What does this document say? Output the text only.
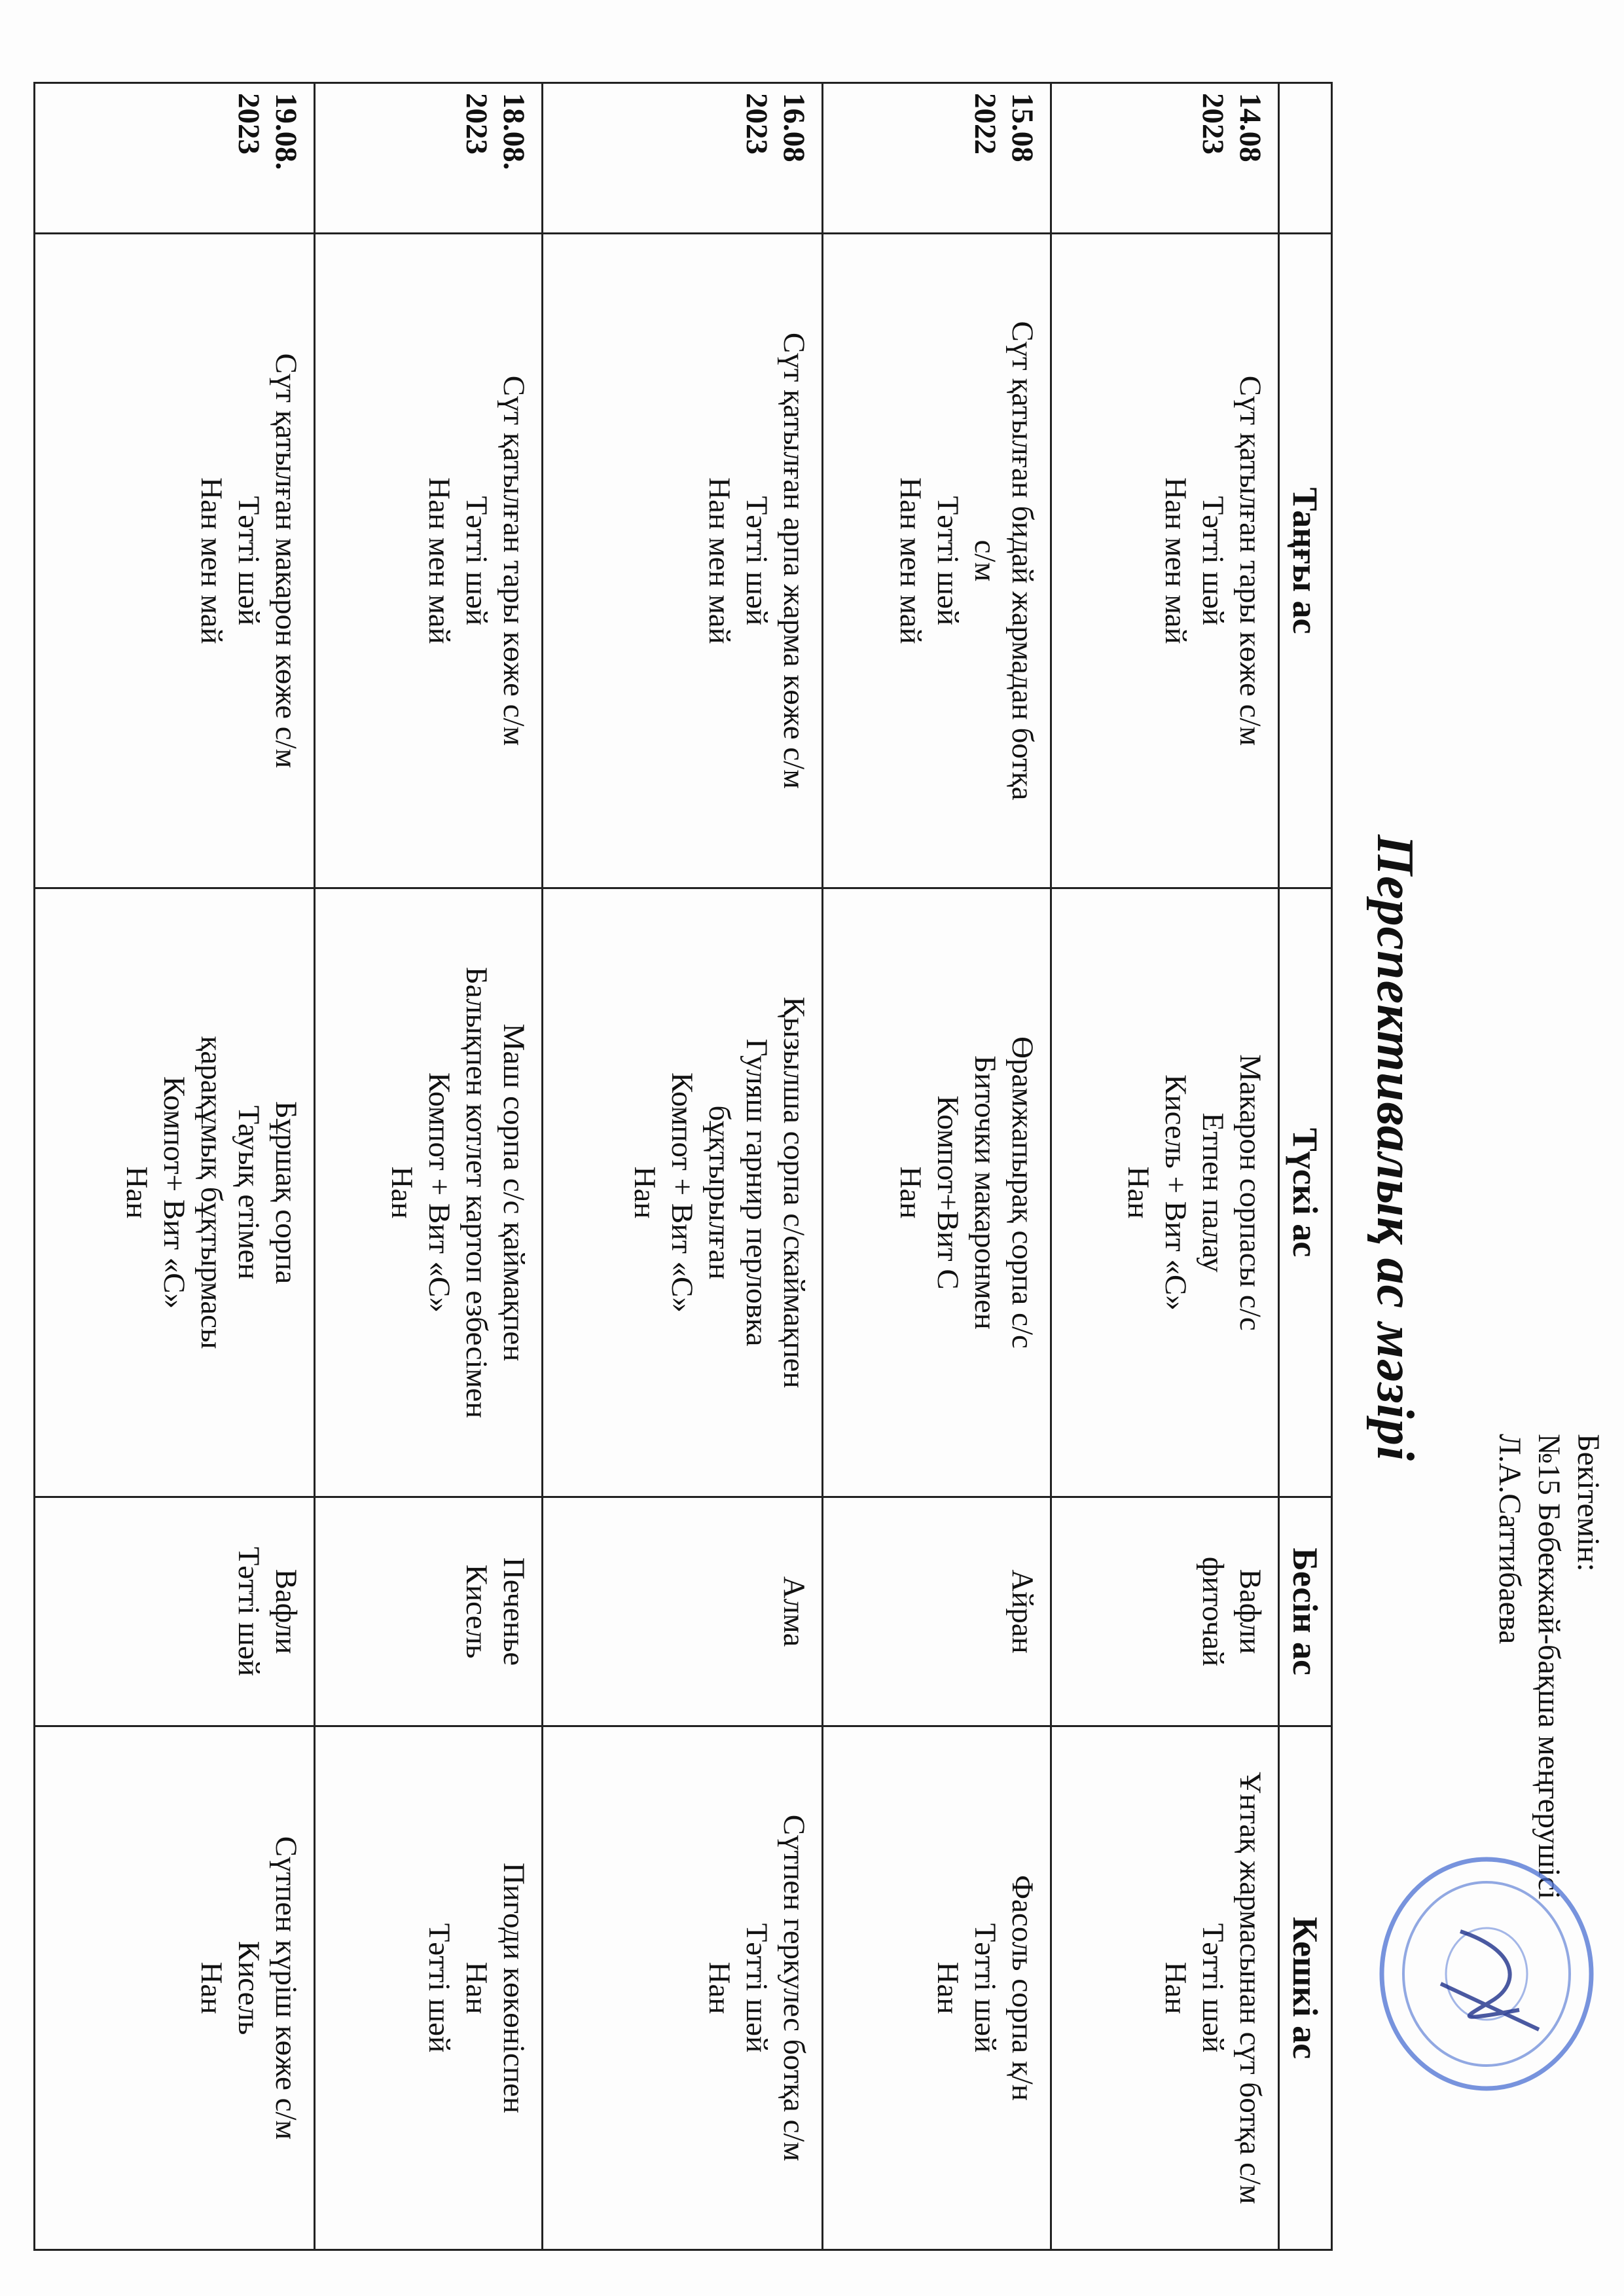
Бекітемін:
№15 Бөбекжай-бақша меңгерушісі
Л.А.Саттибаева
Перспективалық ас мәзірі
	Таңғы ас	Түскі ас	Бесін ас	Кешкі ас

14.08
2023	Сүт қатылған тары көже с/м
Тәтті шәй
Нан мен май	Макарон сорпасы с/с
Етпен палау
Кисель + Вит «С»
Нан	Вафли
фиточай	Ұнтақ жармасынан сүт ботқа с/м
Тәтті шәй
Нан

15.08
2022	Сүт қатылған бидай жармадан ботқа
с/м
Тәтті шәй
Нан мен май	Өрамжапырақ сорпа с/с
Биточки макаронмен
Компот+Вит С
Нан	Айран	Фасоль сорпа қ/н
Тәтті шәй
Нан

16.08
2023	Сүт қатылған арпа жарма көже с/м
Тәтті шәй
Нан мен май	Қызылша сорпа с/скаймақпен
Гуляш гарнир перловка
бұқтырылған
Компот + Вит «С»
Нан	Алма	Сүтпен геркулес ботқа с/м
Тәтті шәй
Нан

18.08.
2023	Сүт қатылған тары көже с/м
Тәтті шәй
Нан мен май	Маш сорпа с/с қаймақпен
Балықпен котлет картоп езбесімен
Компот + Вит «С»
Нан	Печенье
Кисель	Пигоди көкөніспен
Нан
Тәтті шәй

19.08.
2023	Сүт қатылған макарон көже с/м
Тәтті шәй
Нан мен май	Бұршақ сорпа
Тауық етімен
қарақұмық бұқтырмасы
Компот+ Вит «С»
Нан	Вафли
Тәтті шәй	Сүтпен күріш көже с/м
Кисель
Нан
